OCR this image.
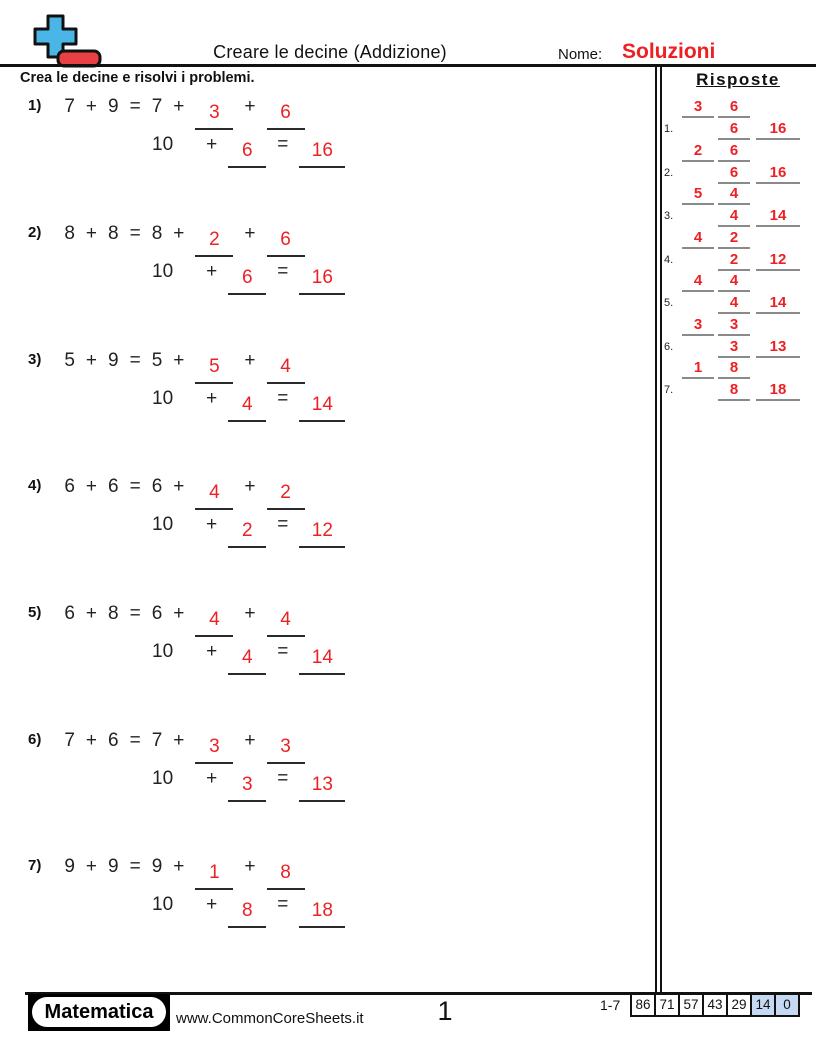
Creare le decine (Addizione)	Nome: Soluzioni
Crea le decine e risolvi i problemi.	Risposte
3	6
1.	6	16
2	6
2.	6	16
5	4
3.	4	14
4	2
4.	2	12
4	4
5.	4	14
3	3
6.	3	13
1	8
7.	8	18
1) 7 + 9 = 7 +	3	+	6
10 +	6	=	16
2) 8 + 8 = 8 +	2	+	6
10 +	6	=	16
3) 5 + 9 = 5 +	5	+	4
10 +	4	=	14
4) 6 + 6 = 6 +	4	+	2
10 +	2	=	12
5) 6 + 8 = 6 +	4	+	4
10 +	4	=	14
6) 7 + 6 = 7 +	3	+	3
10 +	3	=	13
7) 9 + 9 = 9 +	1	+	8
10 +	8	=	18
Matematica	www.CommonCoreSheets.it	1	1-7 86 71 57 43 29 14 0
